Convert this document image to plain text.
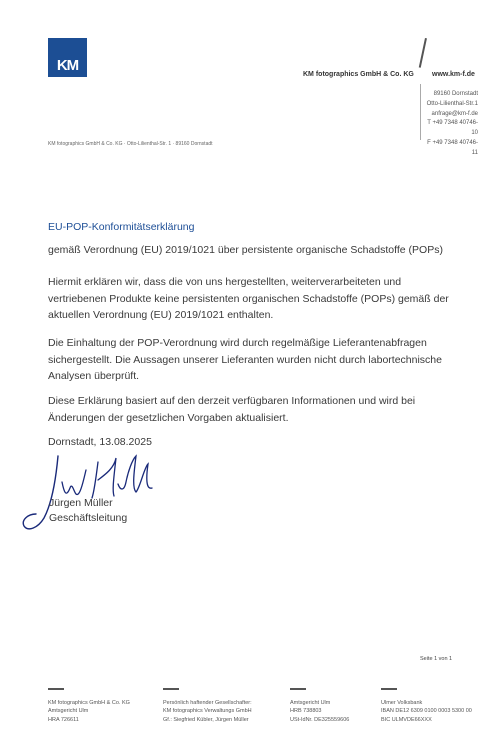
KM
KM fotographics GmbH & Co. KG	www.km-f.de
89160 Dornstadt
Otto-Lilienthal-Str.1
anfrage@km-f.de
T +49 7348 40746-10
F +49 7348 40746-11
KM fotographics GmbH & Co. KG · Otto-Lilienthal-Str. 1 · 89160 Dornstadt
EU-POP-Konformitätserklärung
gemäß Verordnung (EU) 2019/1021 über persistente organische Schadstoffe (POPs)
Hiermit erklären wir, dass die von uns hergestellten, weiterverarbeiteten und vertriebenen Produkte keine persistenten organischen Schadstoffe (POPs) gemäß der aktuellen Verordnung (EU) 2019/1021 enthalten.
Die Einhaltung der POP-Verordnung wird durch regelmäßige Lieferantenabfragen sichergestellt. Die Aussagen unserer Lieferanten wurden nicht durch labortechnische Analysen überprüft.
Diese Erklärung basiert auf den derzeit verfügbaren Informationen und wird bei Änderungen der gesetzlichen Vorgaben aktualisiert.
Dornstadt, 13.08.2025
Jürgen Müller
Geschäftsleitung
Seite 1 von 1
KM fotographics GmbH & Co. KG
Amtsgericht Ulm
HRA 726611
Persönlich haftender Gesellschafter:
KM fotographics Verwaltungs GmbH
Gf.: Siegfried Kübler, Jürgen Müller
Amtsgericht Ulm
HRB 738803
USt-IdNr. DE325559606
Ulmer Volksbank
IBAN DE12 6309 0100 0003 5300 00
BIC ULMVDE66XXX
